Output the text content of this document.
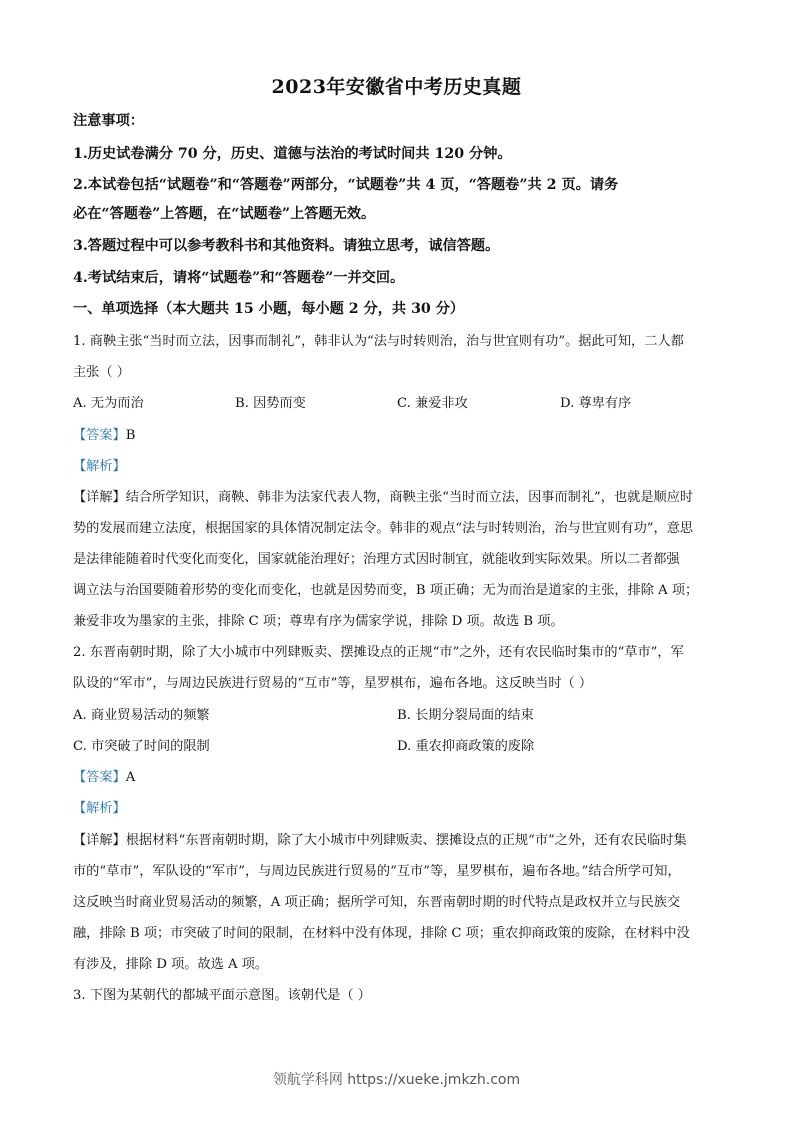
2023年安徽省中考历史真题
注意事项：
1.历史试卷满分 70 分，历史、道德与法治的考试时间共 120 分钟。
2.本试卷包括“试题卷”和“答题卷”两部分，“试题卷”共 4 页，“答题卷”共 2 页。请务
必在“答题卷”上答题，在“试题卷”上答题无效。
3.答题过程中可以参考教科书和其他资料。请独立思考，诚信答题。
4.考试结束后，请将“试题卷”和“答题卷”一并交回。
一、单项选择（本大题共 15 小题，每小题 2 分，共 30 分）
1. 商鞅主张“当时而立法，因事而制礼”，韩非认为“法与时转则治，治与世宜则有功”。据此可知，二人都
主张（ ）
A. 无为而治	B. 因势而变	C. 兼爱非攻	D. 尊卑有序
【答案】B
【解析】
【详解】结合所学知识，商鞅、韩非为法家代表人物，商鞅主张“当时而立法，因事而制礼”，也就是顺应时
势的发展而建立法度，根据国家的具体情况制定法令。韩非的观点“法与时转则治，治与世宜则有功”，意思
是法律能随着时代变化而变化，国家就能治理好；治理方式因时制宜，就能收到实际效果。所以二者都强
调立法与治国要随着形势的变化而变化，也就是因势而变，B 项正确；无为而治是道家的主张，排除 A 项；
兼爱非攻为墨家的主张，排除 C 项；尊卑有序为儒家学说，排除 D 项。故选 B 项。
2. 东晋南朝时期，除了大小城市中列肆贩卖、摆摊设点的正规“市”之外，还有农民临时集市的“草市”，军
队设的“军市”，与周边民族进行贸易的“互市”等，星罗棋布，遍布各地。这反映当时（ ）
A. 商业贸易活动的频繁	B. 长期分裂局面的结束
C. 市突破了时间的限制	D. 重农抑商政策的废除
【答案】A
【解析】
【详解】根据材料“东晋南朝时期，除了大小城市中列肆贩卖、摆摊设点的正规“市”之外，还有农民临时集
市的“草市”，军队设的“军市”，与周边民族进行贸易的“互市”等，星罗棋布，遍布各地。”结合所学可知，
这反映当时商业贸易活动的频繁，A 项正确；据所学可知，东晋南朝时期的时代特点是政权并立与民族交
融，排除 B 项；市突破了时间的限制，在材料中没有体现，排除 C 项；重农抑商政策的废除，在材料中没
有涉及，排除 D 项。故选 A 项。
3. 下图为某朝代的都城平面示意图。该朝代是（ ）
领航学科网 https://xueke.jmkzh.com
